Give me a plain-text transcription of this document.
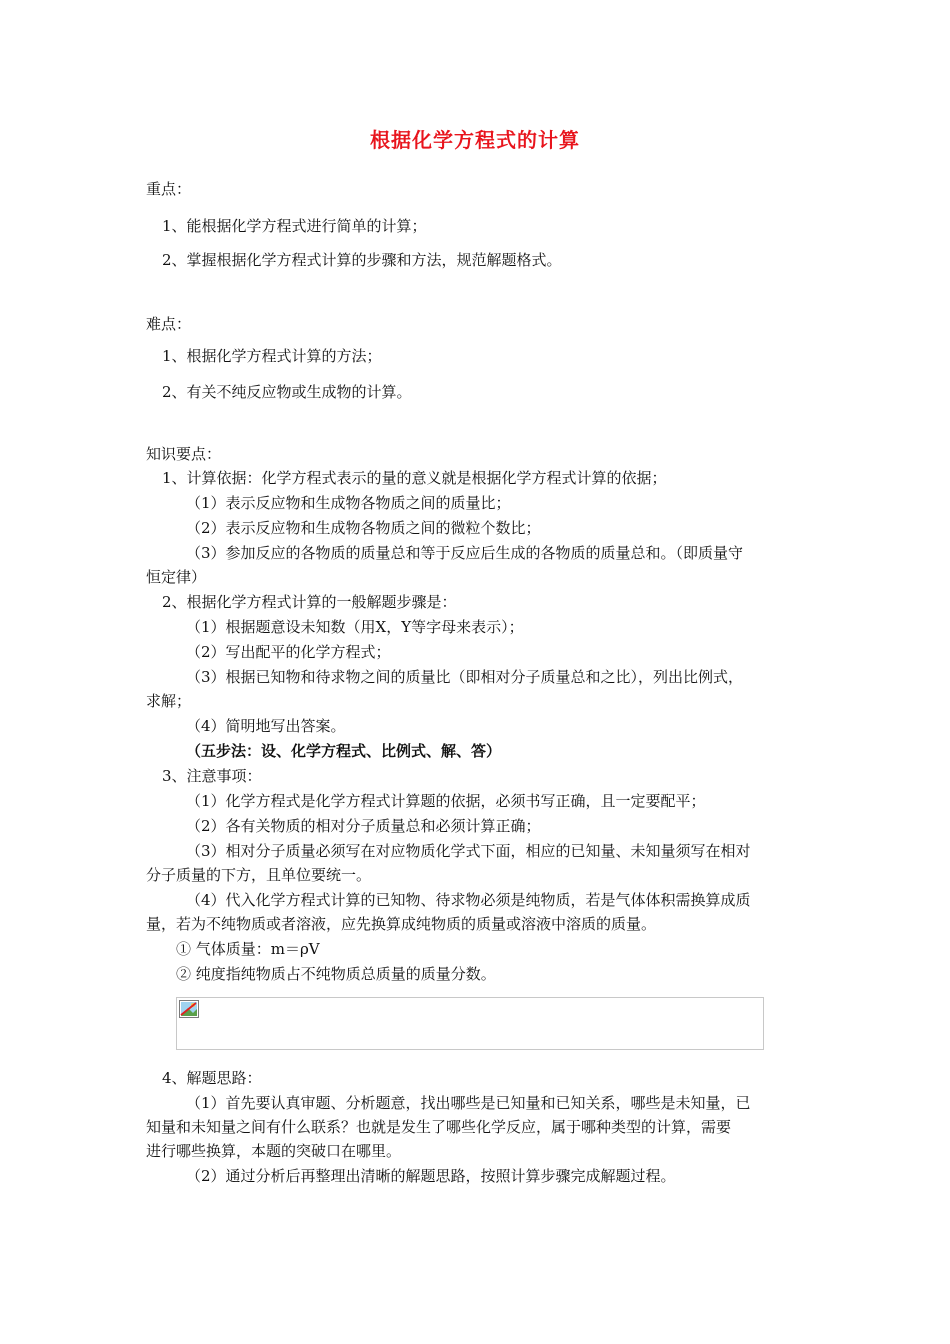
根据化学方程式的计算
重点：
1、能根据化学方程式进行简单的计算；
2、掌握根据化学方程式计算的步骤和方法，规范解题格式。
难点：
1、根据化学方程式计算的方法；
2、有关不纯反应物或生成物的计算。
知识要点：
1、计算依据：化学方程式表示的量的意义就是根据化学方程式计算的依据；
（1）表示反应物和生成物各物质之间的质量比；
（2）表示反应物和生成物各物质之间的微粒个数比；
（3）参加反应的各物质的质量总和等于反应后生成的各物质的质量总和。（即质量守
恒定律）
2、根据化学方程式计算的一般解题步骤是：
（1）根据题意设未知数（用X，Y等字母来表示）；
（2）写出配平的化学方程式；
（3）根据已知物和待求物之间的质量比（即相对分子质量总和之比），列出比例式，
求解；
（4）简明地写出答案。
（五步法：设、化学方程式、比例式、解、答）
3、注意事项：
（1）化学方程式是化学方程式计算题的依据，必须书写正确，且一定要配平；
（2）各有关物质的相对分子质量总和必须计算正确；
（3）相对分子质量必须写在对应物质化学式下面，相应的已知量、未知量须写在相对
分子质量的下方，且单位要统一。
（4）代入化学方程式计算的已知物、待求物必须是纯物质，若是气体体积需换算成质
量，若为不纯物质或者溶液，应先换算成纯物质的质量或溶液中溶质的质量。
① 气体质量：m＝ρV
② 纯度指纯物质占不纯物质总质量的质量分数。
4、解题思路：
（1）首先要认真审题、分析题意，找出哪些是已知量和已知关系，哪些是未知量，已
知量和未知量之间有什么联系？也就是发生了哪些化学反应，属于哪种类型的计算，需要
进行哪些换算，本题的突破口在哪里。
（2）通过分析后再整理出清晰的解题思路，按照计算步骤完成解题过程。
